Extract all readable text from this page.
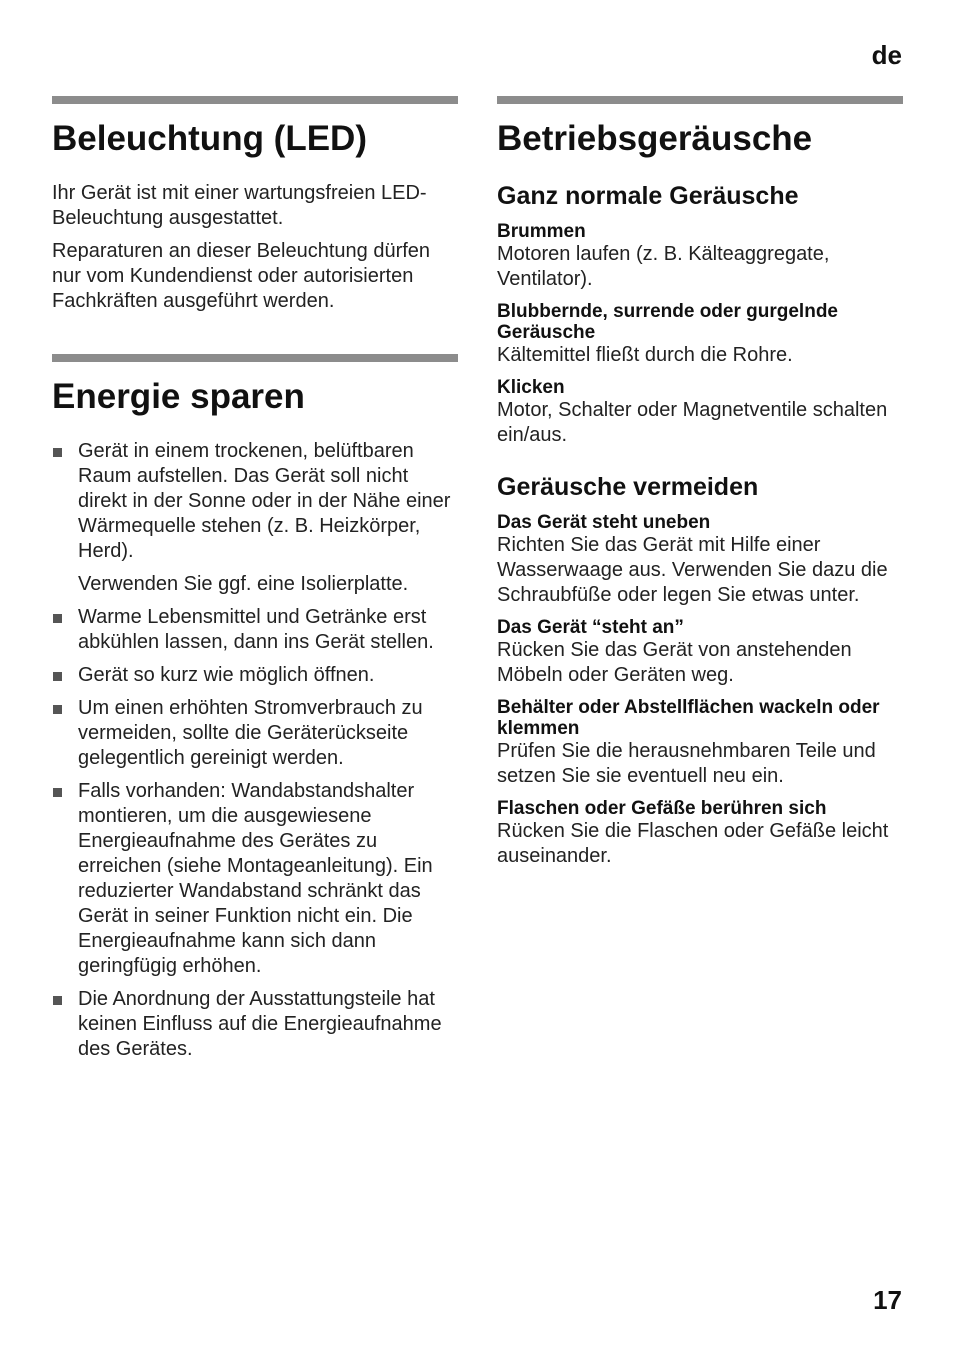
de
Beleuchtung (LED)

Ihr Gerät ist mit einer wartungsfreien LED-Beleuchtung ausgestattet.

Reparaturen an dieser Beleuchtung dürfen nur vom Kundendienst oder autorisierten Fachkräften ausgeführt werden.

Energie sparen
Gerät in einem trockenen, belüftbaren Raum aufstellen. Das Gerät soll nicht direkt in der Sonne oder in der Nähe einer Wärmequelle stehen (z. B. Heizkörper, Herd).
Verwenden Sie ggf. eine Isolierplatte.
Warme Lebensmittel und Getränke erst abkühlen lassen, dann ins Gerät stellen.
Gerät so kurz wie möglich öffnen.
Um einen erhöhten Stromverbrauch zu vermeiden, sollte die Geräterückseite gelegentlich gereinigt werden.
Falls vorhanden: Wandabstandshalter montieren, um die ausgewiesene Energieaufnahme des Gerätes zu erreichen (siehe Montageanleitung). Ein reduzierter Wandabstand schränkt das Gerät in seiner Funktion nicht ein. Die Energieaufnahme kann sich dann geringfügig erhöhen.
Die Anordnung der Ausstattungsteile hat keinen Einfluss auf die Energieaufnahme des Gerätes.
Betriebsgeräusche
Ganz normale Geräusche
Brummen
Motoren laufen (z. B. Kälteaggregate, Ventilator).
Blubbernde, surrende oder gurgelnde Geräusche
Kältemittel fließt durch die Rohre.
Klicken
Motor, Schalter oder Magnetventile schalten ein/aus.
Geräusche vermeiden
Das Gerät steht uneben
Richten Sie das Gerät mit Hilfe einer Wasserwaage aus. Verwenden Sie dazu die Schraubfüße oder legen Sie etwas unter.
Das Gerät “steht an”
Rücken Sie das Gerät von anstehenden Möbeln oder Geräten weg.
Behälter oder Abstellflächen wackeln oder klemmen
Prüfen Sie die herausnehmbaren Teile und setzen Sie sie eventuell neu ein.
Flaschen oder Gefäße berühren sich
Rücken Sie die Flaschen oder Gefäße leicht auseinander.
17
